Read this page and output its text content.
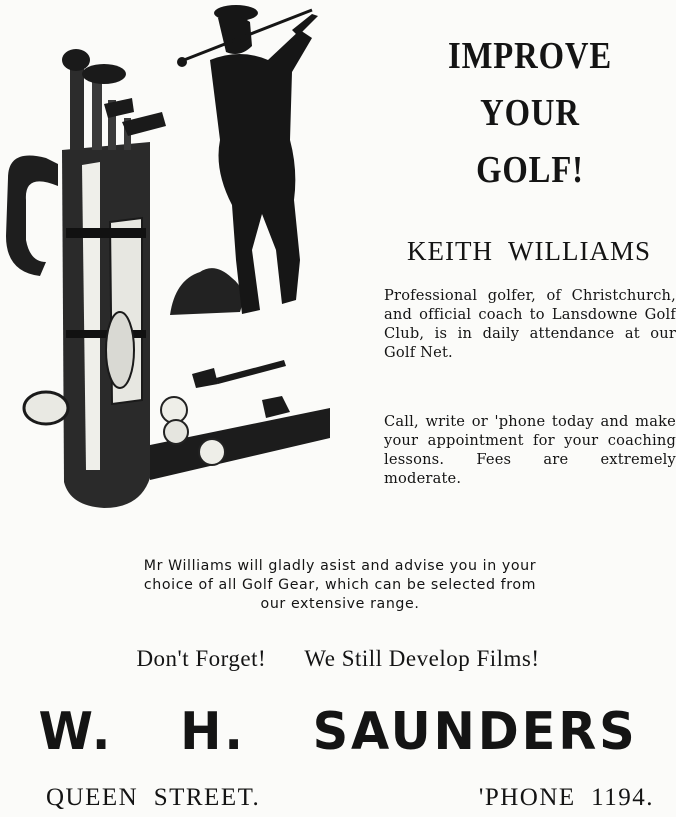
IMPROVE
YOUR
GOLF!
KEITH  WILLIAMS
Professional golfer, of Christchurch, and official coach to Lansdowne Golf Club, is in daily attendance at our Golf Net.
Call, write or 'phone today and make your appointment for your coaching lessons. Fees are extremely moderate.
Mr Williams will gladly asist and advise you in your
choice of all Golf Gear, which can be selected from
our extensive range.
Don't Forget! We Still Develop Films!
W.  H.  SAUNDERS
QUEEN  STREET.	'PHONE  1194.
